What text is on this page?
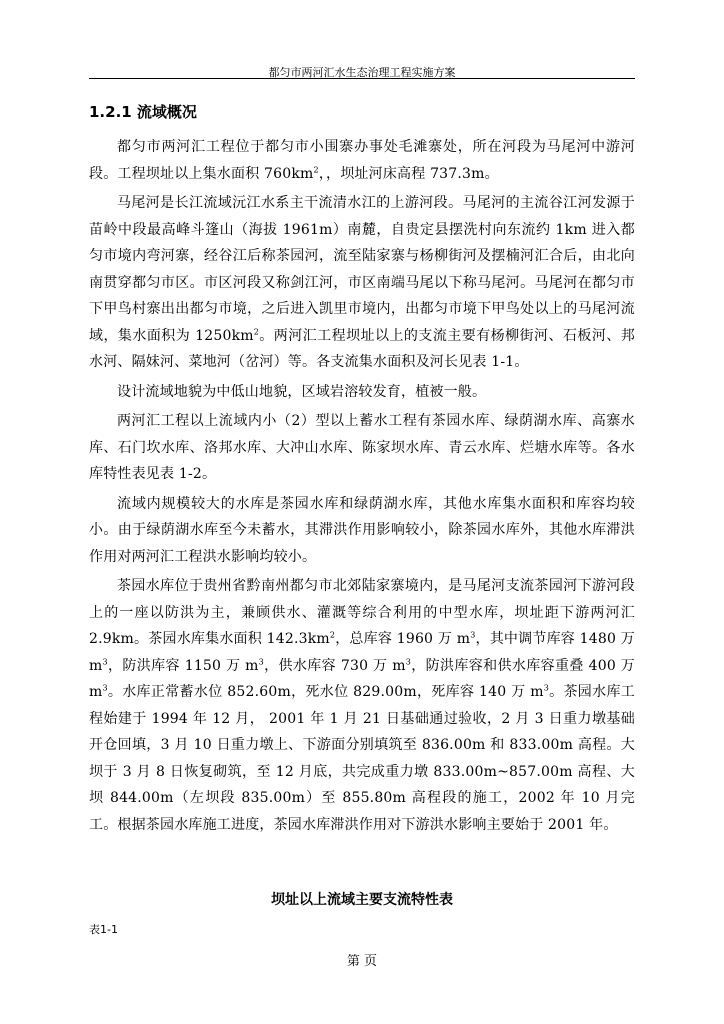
都匀市两河汇水生态治理工程实施方案
1.2.1 流域概况

都匀市两河汇工程位于都匀市小围寨办事处毛滩寨处，所在河段为马尾河中游河段。工程坝址以上集水面积 $760km^2$，，坝址河床高程 737.3m。

马尾河是长江流域沅江水系主干流清水江的上游河段。马尾河的主流谷江河发源于苗岭中段最高峰斗篷山（海拔 1961m）南麓，自贵定县摆洗村向东流约 1km 进入都匀市境内弯河寨，经谷江后称茶园河，流至陆家寨与杨柳街河及摆楠河汇合后，由北向南贯穿都匀市区。市区河段又称剑江河，市区南端马尾以下称马尾河。马尾河在都匀市下甲鸟村寨出出都匀市境，之后进入凯里市境内，出都匀市境下甲鸟处以上的马尾河流域，集水面积为 $1250km^2$。两河汇工程坝址以上的支流主要有杨柳街河、石板河、邦水河、隔妹河、菜地河（岔河）等。各支流集水面积及河长见表 1-1。

设计流域地貌为中低山地貌，区域岩溶较发育，植被一般。

两河汇工程以上流域内小（2）型以上蓄水工程有茶园水库、绿荫湖水库、高寨水库、石门坎水库、洛邦水库、大冲山水库、陈家坝水库、青云水库、烂塘水库等。各水库特性表见表 1-2。

流域内规模较大的水库是茶园水库和绿荫湖水库，其他水库集水面积和库容均较小。由于绿荫湖水库至今未蓄水，其滞洪作用影响较小，除茶园水库外，其他水库滞洪作用对两河汇工程洪水影响均较小。

茶园水库位于贵州省黔南州都匀市北郊陆家寨境内，是马尾河支流茶园河下游河段上的一座以防洪为主，兼顾供水、灌溉等综合利用的中型水库，坝址距下游两河汇 2.9km。茶园水库集水面积 $142.3km^2$，总库容 1960 万 $m^3$，其中调节库容 1480 万 $m^3$，防洪库容 1150 万 $m^3$，供水库容 730 万 $m^3$，防洪库容和供水库容重叠 400 万 $m^3$。水库正常蓄水位 852.60m，死水位 829.00m，死库容 140 万 $m^3$。茶园水库工程始建于 1994 年 12 月， 2001 年 1 月 21 日基础通过验收，2 月 3 日重力墩基础开仓回填，3 月 10 日重力墩上、下游面分别填筑至 836.00m 和 833.00m 高程。大坝于 3 月 8 日恢复砌筑，至 12 月底，共完成重力墩 833.00m~857.00m 高程、大坝 844.00m（左坝段 835.00m）至 855.80m 高程段的施工，2002 年 10 月完工。根据茶园水库施工进度，茶园水库滞洪作用对下游洪水影响主要始于 2001 年。

坝址以上流域主要支流特性表
表1-1
第 页
